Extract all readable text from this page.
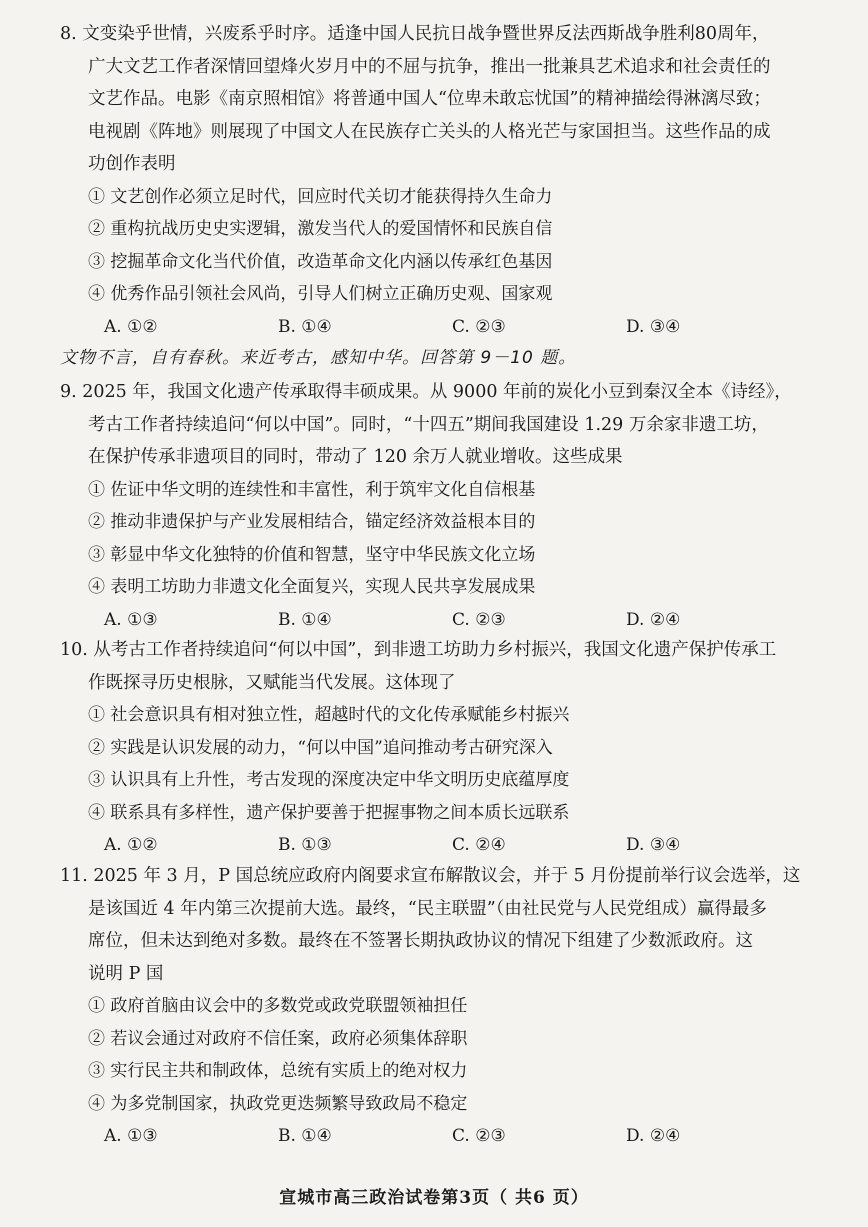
8. 文变染乎世情，兴废系乎时序。适逢中国人民抗日战争暨世界反法西斯战争胜利80周年，
广大文艺工作者深情回望烽火岁月中的不屈与抗争，推出一批兼具艺术追求和社会责任的
文艺作品。电影《南京照相馆》将普通中国人“位卑未敢忘忧国”的精神描绘得淋漓尽致；
电视剧《阵地》则展现了中国文人在民族存亡关头的人格光芒与家国担当。这些作品的成
功创作表明
① 文艺创作必须立足时代，回应时代关切才能获得持久生命力
② 重构抗战历史史实逻辑，激发当代人的爱国情怀和民族自信
③ 挖掘革命文化当代价值，改造革命文化内涵以传承红色基因
④ 优秀作品引领社会风尚，引导人们树立正确历史观、国家观
A. ①②	B. ①④	C. ②③	D. ③④
文物不言，自有春秋。来近考古，感知中华。回答第 9－10 题。
9. 2025 年，我国文化遗产传承取得丰硕成果。从 9000 年前的炭化小豆到秦汉全本《诗经》，
考古工作者持续追问“何以中国”。同时，“十四五”期间我国建设 1.29 万余家非遗工坊，
在保护传承非遗项目的同时，带动了 120 余万人就业增收。这些成果
① 佐证中华文明的连续性和丰富性，利于筑牢文化自信根基
② 推动非遗保护与产业发展相结合，锚定经济效益根本目的
③ 彰显中华文化独特的价值和智慧，坚守中华民族文化立场
④ 表明工坊助力非遗文化全面复兴，实现人民共享发展成果
A. ①③	B. ①④	C. ②③	D. ②④
10. 从考古工作者持续追问“何以中国”，到非遗工坊助力乡村振兴，我国文化遗产保护传承工
作既探寻历史根脉，又赋能当代发展。这体现了
① 社会意识具有相对独立性，超越时代的文化传承赋能乡村振兴
② 实践是认识发展的动力，“何以中国”追问推动考古研究深入
③ 认识具有上升性，考古发现的深度决定中华文明历史底蕴厚度
④ 联系具有多样性，遗产保护要善于把握事物之间本质长远联系
A. ①②	B. ①③	C. ②④	D. ③④
11. 2025 年 3 月，P 国总统应政府内阁要求宣布解散议会，并于 5 月份提前举行议会选举，这
是该国近 4 年内第三次提前大选。最终，“民主联盟”（由社民党与人民党组成）赢得最多
席位，但未达到绝对多数。最终在不签署长期执政协议的情况下组建了少数派政府。这
说明 P 国
① 政府首脑由议会中的多数党或政党联盟领袖担任
② 若议会通过对政府不信任案，政府必须集体辞职
③ 实行民主共和制政体，总统有实质上的绝对权力
④ 为多党制国家，执政党更迭频繁导致政局不稳定
A. ①③	B. ①④	C. ②③	D. ②④
宣城市高三政治试卷第3页（ 共6 页）
